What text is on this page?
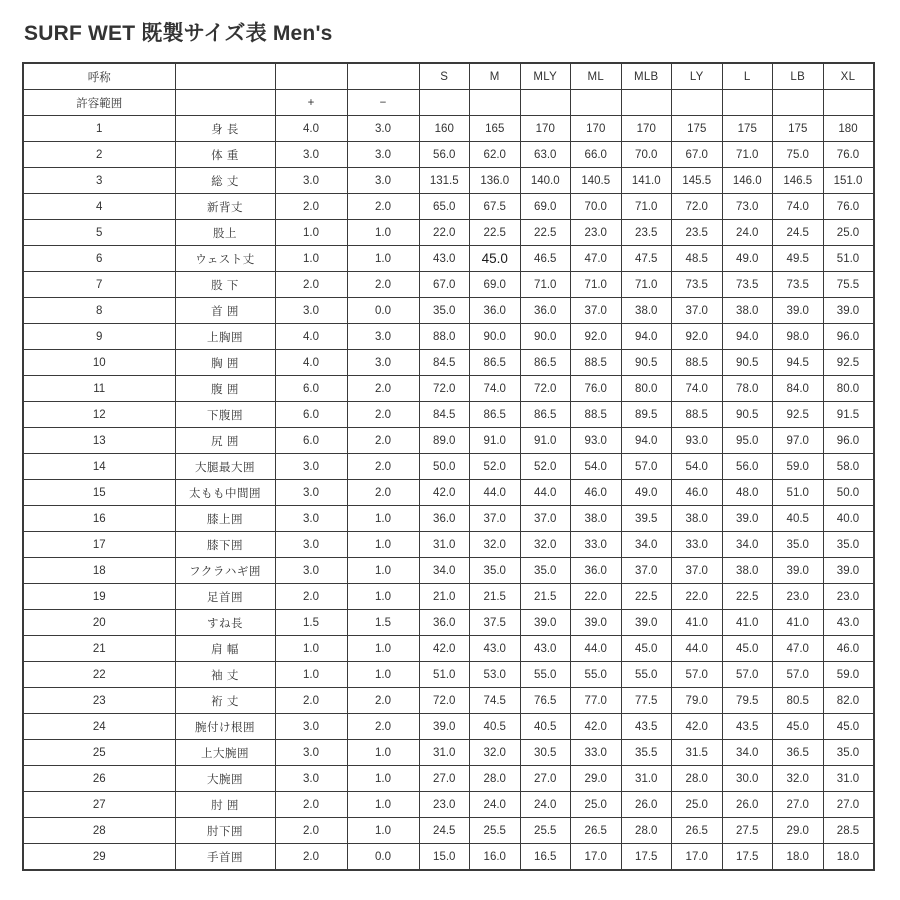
SURF WET 既製サイズ表 Men's
呼称				S	M	MLY	ML	MLB	LY	L	LB	XL
許容範囲		+	−									
1	身 長	4.0	3.0	160	165	170	170	170	175	175	175	180
2	体 重	3.0	3.0	56.0	62.0	63.0	66.0	70.0	67.0	71.0	75.0	76.0
3	総 丈	3.0	3.0	131.5	136.0	140.0	140.5	141.0	145.5	146.0	146.5	151.0
4	新背丈	2.0	2.0	65.0	67.5	69.0	70.0	71.0	72.0	73.0	74.0	76.0
5	股上	1.0	1.0	22.0	22.5	22.5	23.0	23.5	23.5	24.0	24.5	25.0
6	ウェスト丈	1.0	1.0	43.0	45.0	46.5	47.0	47.5	48.5	49.0	49.5	51.0
7	股 下	2.0	2.0	67.0	69.0	71.0	71.0	71.0	73.5	73.5	73.5	75.5
8	首 囲	3.0	0.0	35.0	36.0	36.0	37.0	38.0	37.0	38.0	39.0	39.0
9	上胸囲	4.0	3.0	88.0	90.0	90.0	92.0	94.0	92.0	94.0	98.0	96.0
10	胸 囲	4.0	3.0	84.5	86.5	86.5	88.5	90.5	88.5	90.5	94.5	92.5
11	腹 囲	6.0	2.0	72.0	74.0	72.0	76.0	80.0	74.0	78.0	84.0	80.0
12	下腹囲	6.0	2.0	84.5	86.5	86.5	88.5	89.5	88.5	90.5	92.5	91.5
13	尻 囲	6.0	2.0	89.0	91.0	91.0	93.0	94.0	93.0	95.0	97.0	96.0
14	大腿最大囲	3.0	2.0	50.0	52.0	52.0	54.0	57.0	54.0	56.0	59.0	58.0
15	太もも中間囲	3.0	2.0	42.0	44.0	44.0	46.0	49.0	46.0	48.0	51.0	50.0
16	膝上囲	3.0	1.0	36.0	37.0	37.0	38.0	39.5	38.0	39.0	40.5	40.0
17	膝下囲	3.0	1.0	31.0	32.0	32.0	33.0	34.0	33.0	34.0	35.0	35.0
18	フクラハギ囲	3.0	1.0	34.0	35.0	35.0	36.0	37.0	37.0	38.0	39.0	39.0
19	足首囲	2.0	1.0	21.0	21.5	21.5	22.0	22.5	22.0	22.5	23.0	23.0
20	すね長	1.5	1.5	36.0	37.5	39.0	39.0	39.0	41.0	41.0	41.0	43.0
21	肩 幅	1.0	1.0	42.0	43.0	43.0	44.0	45.0	44.0	45.0	47.0	46.0
22	袖 丈	1.0	1.0	51.0	53.0	55.0	55.0	55.0	57.0	57.0	57.0	59.0
23	裄 丈	2.0	2.0	72.0	74.5	76.5	77.0	77.5	79.0	79.5	80.5	82.0
24	腕付け根囲	3.0	2.0	39.0	40.5	40.5	42.0	43.5	42.0	43.5	45.0	45.0
25	上大腕囲	3.0	1.0	31.0	32.0	30.5	33.0	35.5	31.5	34.0	36.5	35.0
26	大腕囲	3.0	1.0	27.0	28.0	27.0	29.0	31.0	28.0	30.0	32.0	31.0
27	肘 囲	2.0	1.0	23.0	24.0	24.0	25.0	26.0	25.0	26.0	27.0	27.0
28	肘下囲	2.0	1.0	24.5	25.5	25.5	26.5	28.0	26.5	27.5	29.0	28.5
29	手首囲	2.0	0.0	15.0	16.0	16.5	17.0	17.5	17.0	17.5	18.0	18.0
